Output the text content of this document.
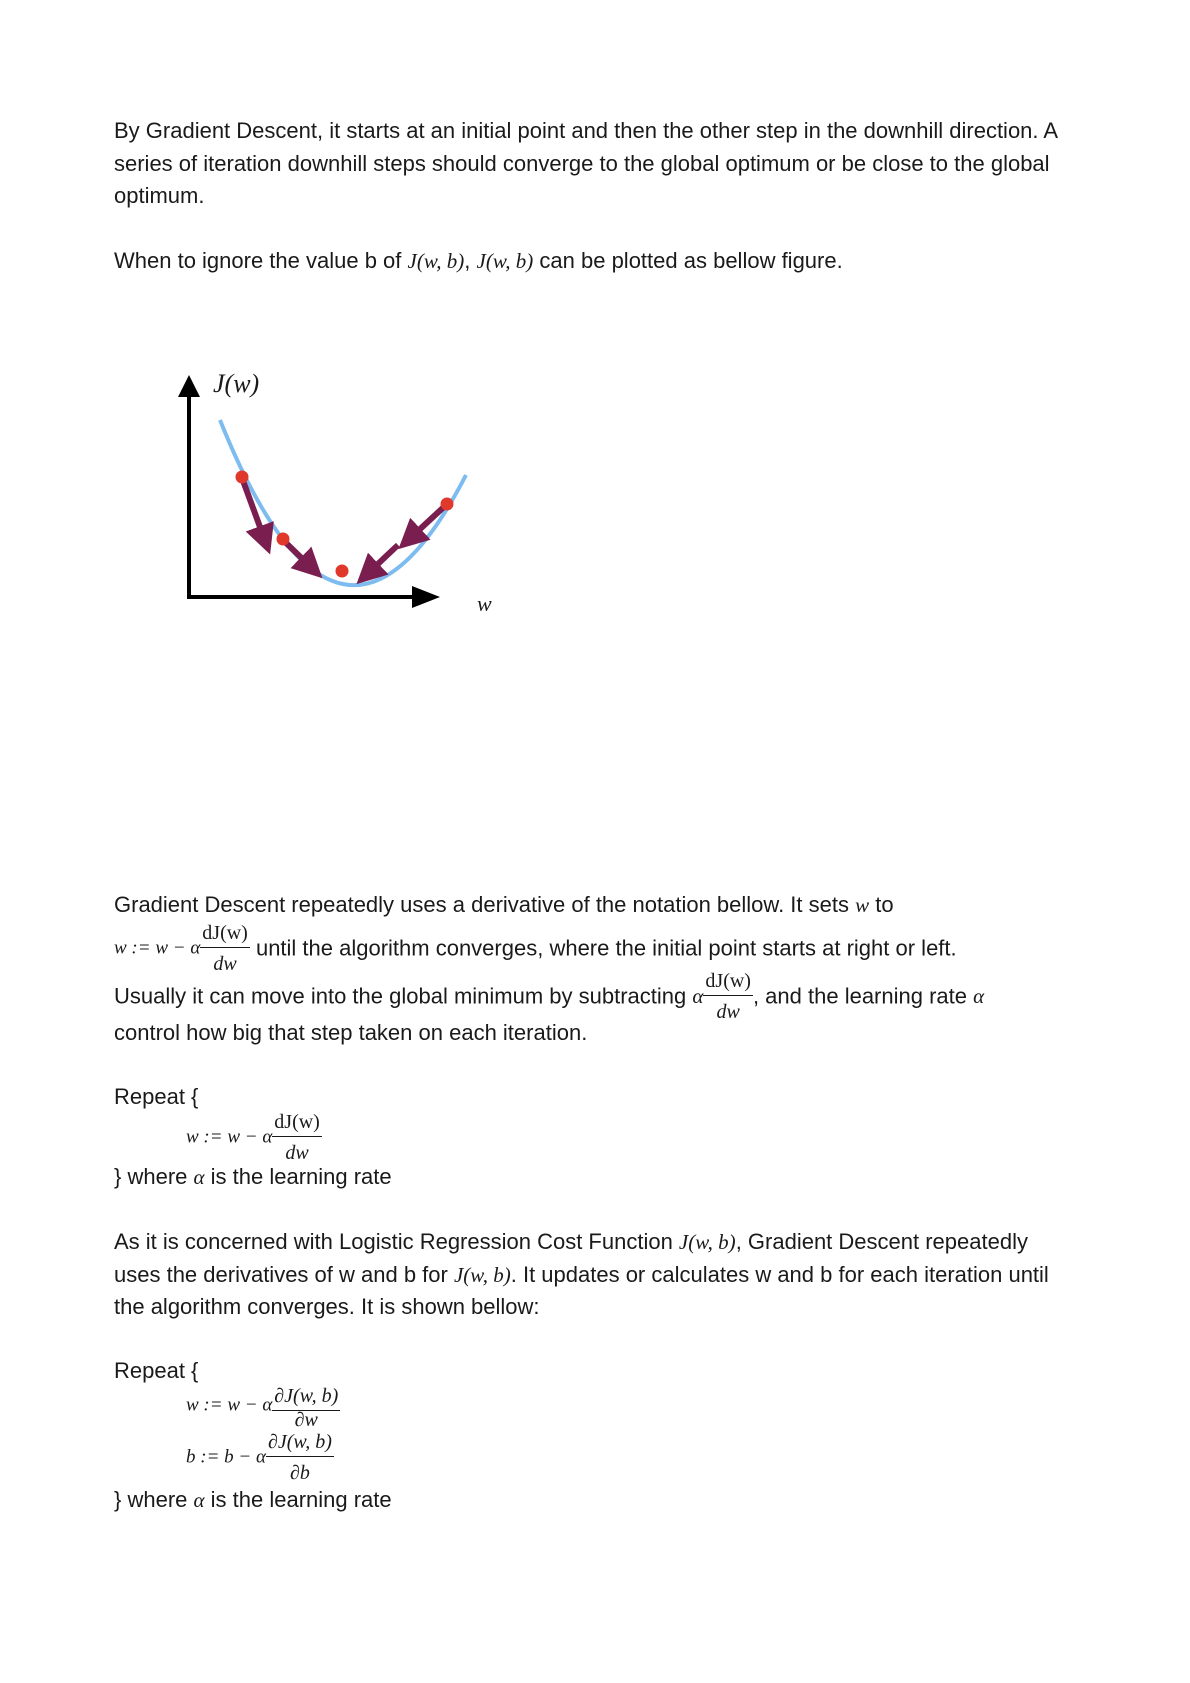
By Gradient Descent, it starts at an initial point and then the other step in the downhill direction. A series of iteration downhill steps should converge to the global optimum or be close to the global optimum.
When to ignore the value b of J(w, b), J(w, b) can be plotted as bellow figure.
J(w)
w
Gradient Descent repeatedly uses a derivative of the notation bellow. It sets w to
w := w − α $\frac{dJ(w)}{dw}$ until the algorithm converges, where the initial point starts at right or left.
Usually it can move into the global minimum by subtracting α $\frac{dJ(w)}{dw}$ , and the learning rate α
control how big that step taken on each iteration.
Repeat {
w := w − α $\frac{dJ(w)}{dw}$
} where α is the learning rate
As it is concerned with Logistic Regression Cost Function J(w, b), Gradient Descent repeatedly uses the derivatives of w and b for J(w, b). It updates or calculates w and b for each iteration until the algorithm converges. It is shown bellow:
Repeat {
w := w − α $\frac{\partial J(w, b)}{\partial w}$
b := b − α $\frac{\partial J(w, b)}{\partial b}$
} where α is the learning rate
